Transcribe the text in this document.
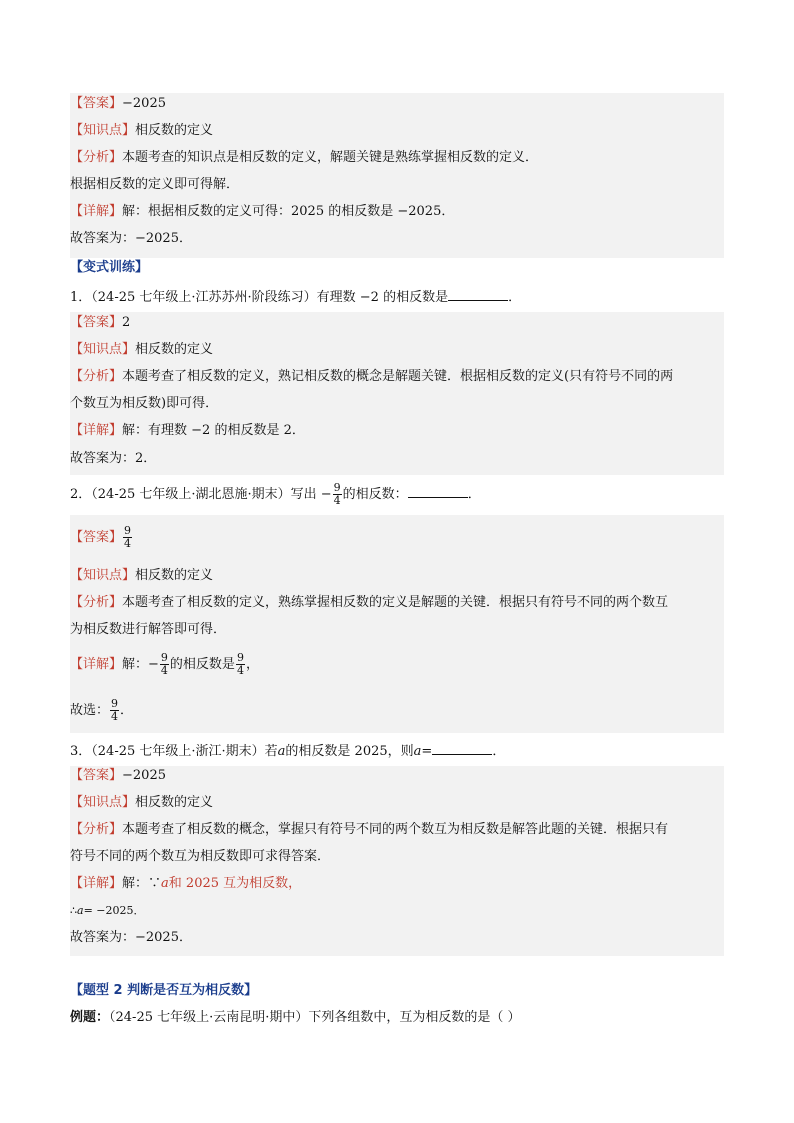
【答案】−2025
【知识点】相反数的定义
【分析】本题考查的知识点是相反数的定义，解题关键是熟练掌握相反数的定义．
根据相反数的定义即可得解．
【详解】解：根据相反数的定义可得：2025 的相反数是 −2025．
故答案为：−2025．
【变式训练】
1．（24-25 七年级上·江苏苏州·阶段练习）有理数 −2 的相反数是	．
【答案】2
【知识点】相反数的定义
【分析】本题考查了相反数的定义，熟记相反数的概念是解题关键．根据相反数的定义(只有符号不同的两
个数互为相反数)即可得．
【详解】解：有理数 −2 的相反数是 2．
故答案为：2．
2．（24-25 七年级上·湖北恩施·期末）写出 − $\frac{9}{4}$ 的相反数：	．
【答案】 $\frac{9}{4}$
【知识点】相反数的定义
【分析】本题考查了相反数的定义，熟练掌握相反数的定义是解题的关键．根据只有符号不同的两个数互
为相反数进行解答即可得．
【详解】解：− $\frac{9}{4}$ 的相反数是 $\frac{9}{4}$ ，
故选： $\frac{9}{4}$ ．
3．（24-25 七年级上·浙江·期末）若a的相反数是 2025，则a=	．
【答案】−2025
【知识点】相反数的定义
【分析】本题考查了相反数的概念，掌握只有符号不同的两个数互为相反数是解答此题的关键．根据只有
符号不同的两个数互为相反数即可求得答案．
【详解】解：∵a和 2025 互为相反数，
∴a= −2025．
故答案为：−2025．
【题型 2 判断是否互为相反数】
例题：（24-25 七年级上·云南昆明·期中）下列各组数中，互为相反数的是（ ）
